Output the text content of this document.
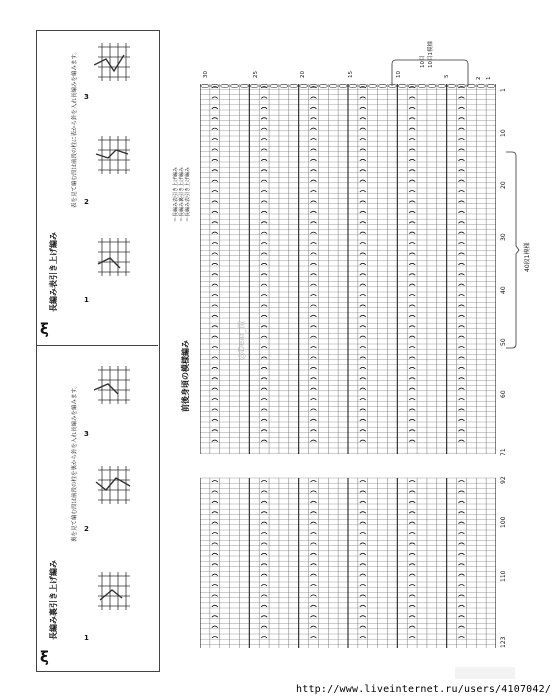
ξ
長編み表引き上げ編み
表を見て編む段は前段の柱に表から針を入れ長編みを編みます。
1
2
3
ξ
長編み裏引き上げ編み
裏を見て編む段は前段の柱を裏から針を入れ長編みを編みます。
1
2
3
前後身頃の模様編み
＝長編み表引き上げ編み ＝長編み裏引き上げ編み ＝長編み表引き上げ編み
30	25	20	15	10	5
2 1
10目 10目1模様
1
10
20
30
40
50
60
71
92
100
110
123
40段1模様
@Dear_微
http://www.liveinternet.ru/users/4107042/
